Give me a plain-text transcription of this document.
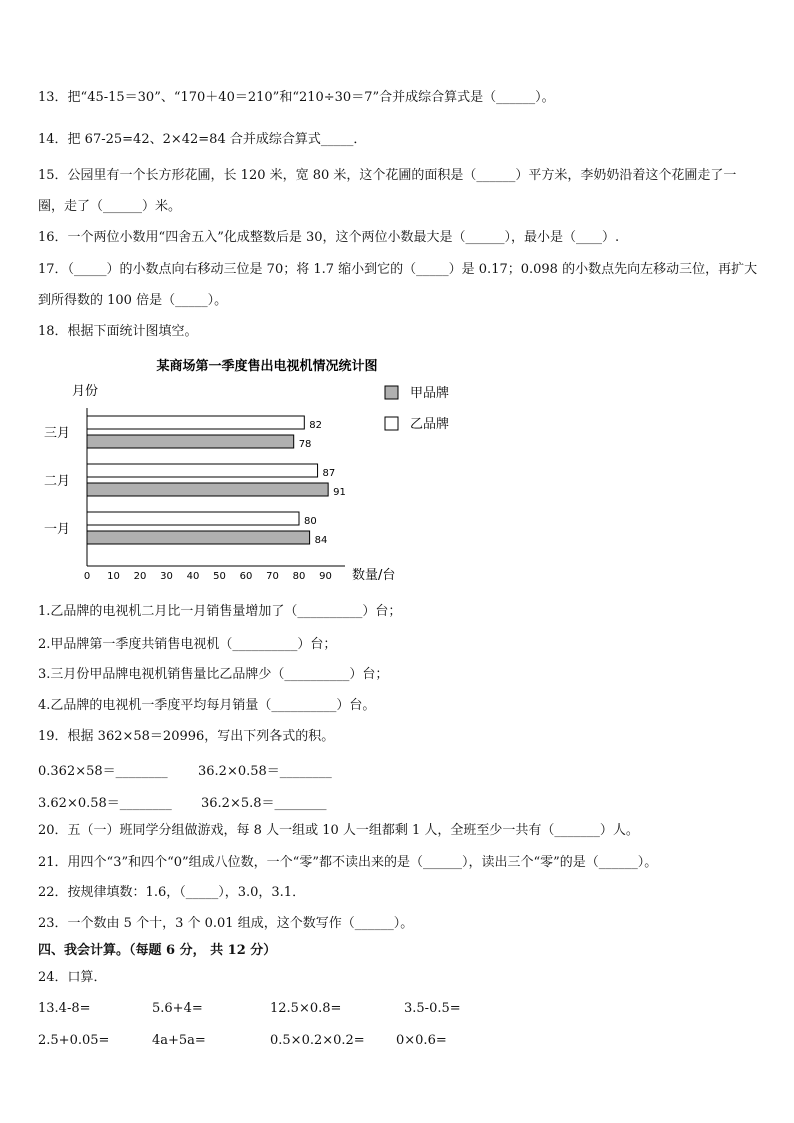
13．把“45-15＝30”、“170＋40＝210”和“210÷30＝7”合并成综合算式是（______）。
14．把 67-25=42、2×42=84 合并成综合算式_____．
15．公园里有一个长方形花圃，长 120 米，宽 80 米，这个花圃的面积是（______）平方米，李奶奶沿着这个花圃走了一圈，走了（______）米。
16．一个两位小数用“四舍五入”化成整数后是 30，这个两位小数最大是（______），最小是（____）.
17．（_____）的小数点向右移动三位是 70；将 1.7 缩小到它的（_____）是 0.17；0.098 的小数点先向左移动三位，再扩大到所得数的 100 倍是（_____）。
18．根据下面统计图填空。
某商场第一季度售出电视机情况统计图
月份
数量/台
甲品牌
乙品牌
三月
82
78
二月
87
91
一月
80
84
0 10 20 30 40 50 60 70 80 90
1.乙品牌的电视机二月比一月销售量增加了（__________）台；
2.甲品牌第一季度共销售电视机（__________）台；
3.三月份甲品牌电视机销售量比乙品牌少（__________）台；
4.乙品牌的电视机一季度平均每月销量（__________）台。
19．根据 362×58＝20996，写出下列各式的积。
0.362×58＝________ 36.2×0.58＝________
3.62×0.58＝________ 36.2×5.8＝________
20．五（一）班同学分组做游戏，每 8 人一组或 10 人一组都剩 1 人，全班至少一共有（_______）人。
21．用四个“3”和四个“0”组成八位数，一个“零”都不读出来的是（______），读出三个“零”的是（______）。
22．按规律填数：1.6，（_____），3.0，3.1．
23．一个数由 5 个十，3 个 0.01 组成，这个数写作（______）。
四、我会计算。（每题 6 分， 共 12 分）
24．口算．
13.4-8=	5.6+4=	12.5×0.8=	3.5-0.5=
2.5+0.05=	4a+5a=	0.5×0.2×0.2= 0×0.6=
